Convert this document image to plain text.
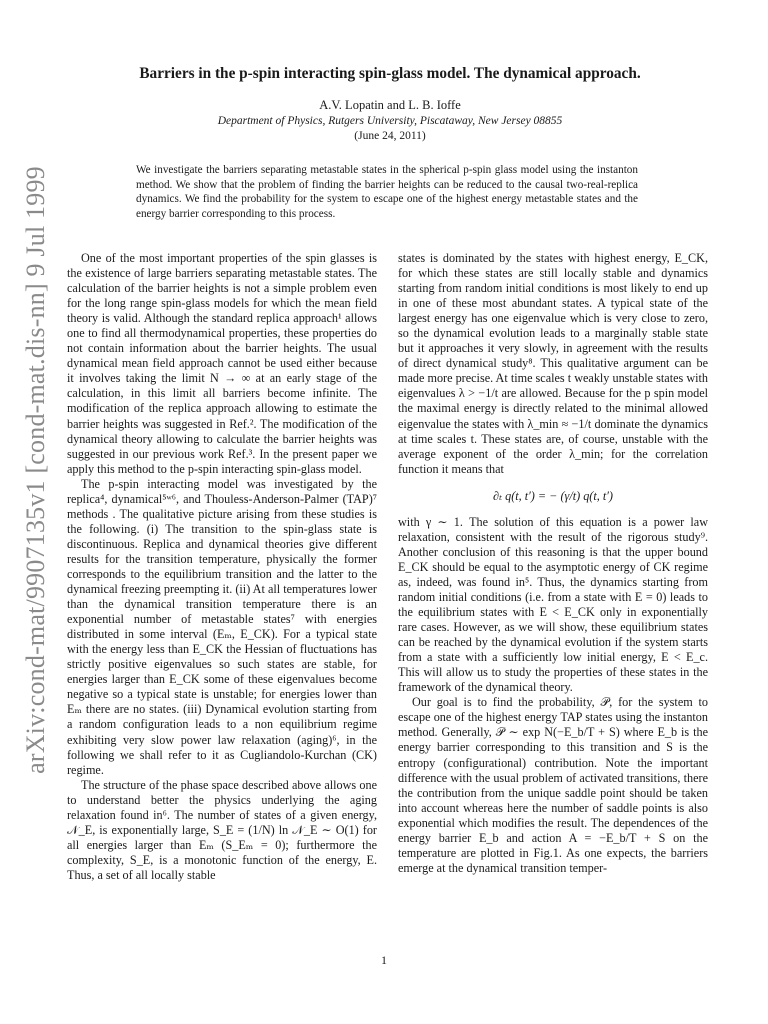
arXiv:cond-mat/9907135v1 [cond-mat.dis-nn] 9 Jul 1999
Barriers in the p-spin interacting spin-glass model. The dynamical approach.
A.V. Lopatin and L. B. Ioffe
Department of Physics, Rutgers University, Piscataway, New Jersey 08855
(June 24, 2011)
We investigate the barriers separating metastable states in the spherical p-spin glass model using the instanton method. We show that the problem of finding the barrier heights can be reduced to the causal two-real-replica dynamics. We find the probability for the system to escape one of the highest energy metastable states and the energy barrier corresponding to this process.

One of the most important properties of the spin glasses is the existence of large barriers separating metastable states. The calculation of the barrier heights is not a simple problem even for the long range spin-glass models for which the mean field theory is valid. Although the standard replica approach¹ allows one to find all thermodynamical properties, these properties do not contain information about the barrier heights. The usual dynamical mean field approach cannot be used either because it involves taking the limit N → ∞ at an early stage of the calculation, in this limit all barriers become infinite. The modification of the replica approach allowing to estimate the barrier heights was suggested in Ref.². The modification of the dynamical theory allowing to calculate the barrier heights was suggested in our previous work Ref.³. In the present paper we apply this method to the p-spin interacting spin-glass model.

The p-spin interacting model was investigated by the replica⁴, dynamical⁵ʷ⁶, and Thouless-Anderson-Palmer (TAP)⁷ methods . The qualitative picture arising from these studies is the following. (i) The transition to the spin-glass state is discontinuous. Replica and dynamical theories give different results for the transition temperature, physically the former corresponds to the equilibrium transition and the latter to the dynamical freezing preempting it. (ii) At all temperatures lower than the dynamical transition temperature there is an exponential number of metastable states⁷ with energies distributed in some interval (Eₘ, E_CK). For a typical state with the energy less than E_CK the Hessian of fluctuations has strictly positive eigenvalues so such states are stable, for energies larger than E_CK some of these eigenvalues become negative so a typical state is unstable; for energies lower than Eₘ there are no states. (iii) Dynamical evolution starting from a random configuration leads to a non equilibrium regime exhibiting very slow power law relaxation (aging)⁶, in the following we shall refer to it as Cugliandolo-Kurchan (CK) regime.

The structure of the phase space described above allows one to understand better the physics underlying the aging relaxation found in⁶. The number of states of a given energy, 𝒩_E, is exponentially large, S_E = (1/N) ln 𝒩_E ∼ O(1) for all energies larger than Eₘ (S_Eₘ = 0); furthermore the complexity, S_E, is a monotonic function of the energy, E. Thus, a set of all locally stable

states is dominated by the states with highest energy, E_CK, for which these states are still locally stable and dynamics starting from random initial conditions is most likely to end up in one of these most abundant states. A typical state of the largest energy has one eigenvalue which is very close to zero, so the dynamical evolution leads to a marginally stable state but it approaches it very slowly, in agreement with the results of direct dynamical study⁸. This qualitative argument can be made more precise. At time scales t weakly unstable states with eigenvalues λ > −1/t are allowed. Because for the p spin model the maximal energy is directly related to the minimal allowed eigenvalue the states with λ_min ≈ −1/t dominate the dynamics at time scales t. These states are, of course, unstable with the average exponent of the order λ_min; for the correlation function it means that

∂ₜ q(t, t′) = − (γ/t) q(t, t′)

with γ ∼ 1. The solution of this equation is a power law relaxation, consistent with the result of the rigorous study⁹. Another conclusion of this reasoning is that the upper bound E_CK should be equal to the asymptotic energy of CK regime as, indeed, was found in⁵. Thus, the dynamics starting from random initial conditions (i.e. from a state with E = 0) leads to the equilibrium states with E < E_CK only in exponentially rare cases. However, as we will show, these equilibrium states can be reached by the dynamical evolution if the system starts from a state with a sufficiently low initial energy, E < E_c. This will allow us to study the properties of these states in the framework of the dynamical theory.

Our goal is to find the probability, 𝒫, for the system to escape one of the highest energy TAP states using the instanton method. Generally, 𝒫 ∼ exp N(−E_b/T + S) where E_b is the energy barrier corresponding to this transition and S is the entropy (configurational) contribution. Note the important difference with the usual problem of activated transitions, there the contribution from the unique saddle point should be taken into account whereas here the number of saddle points is also exponential which modifies the result. The dependences of the energy barrier E_b and action A = −E_b/T + S on the temperature are plotted in Fig.1. As one expects, the barriers emerge at the dynamical transition temper-

1
